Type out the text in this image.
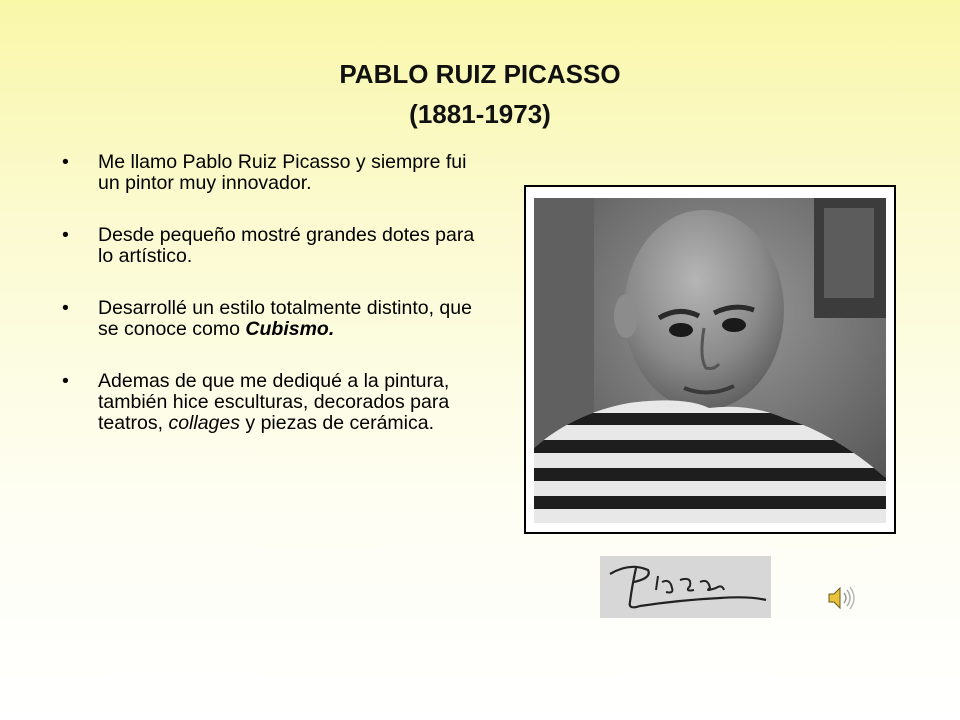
PABLO RUIZ PICASSO
(1881-1973)
• Me llamo Pablo Ruiz Picasso y siempre fui un pintor muy innovador.
• Desde pequeño mostré grandes dotes para lo artístico.
• Desarrollé un estilo totalmente distinto, que se conoce como Cubismo.
• Ademas de que me dediqué a la pintura, también hice esculturas, decorados para teatros, collages y piezas de cerámica.
